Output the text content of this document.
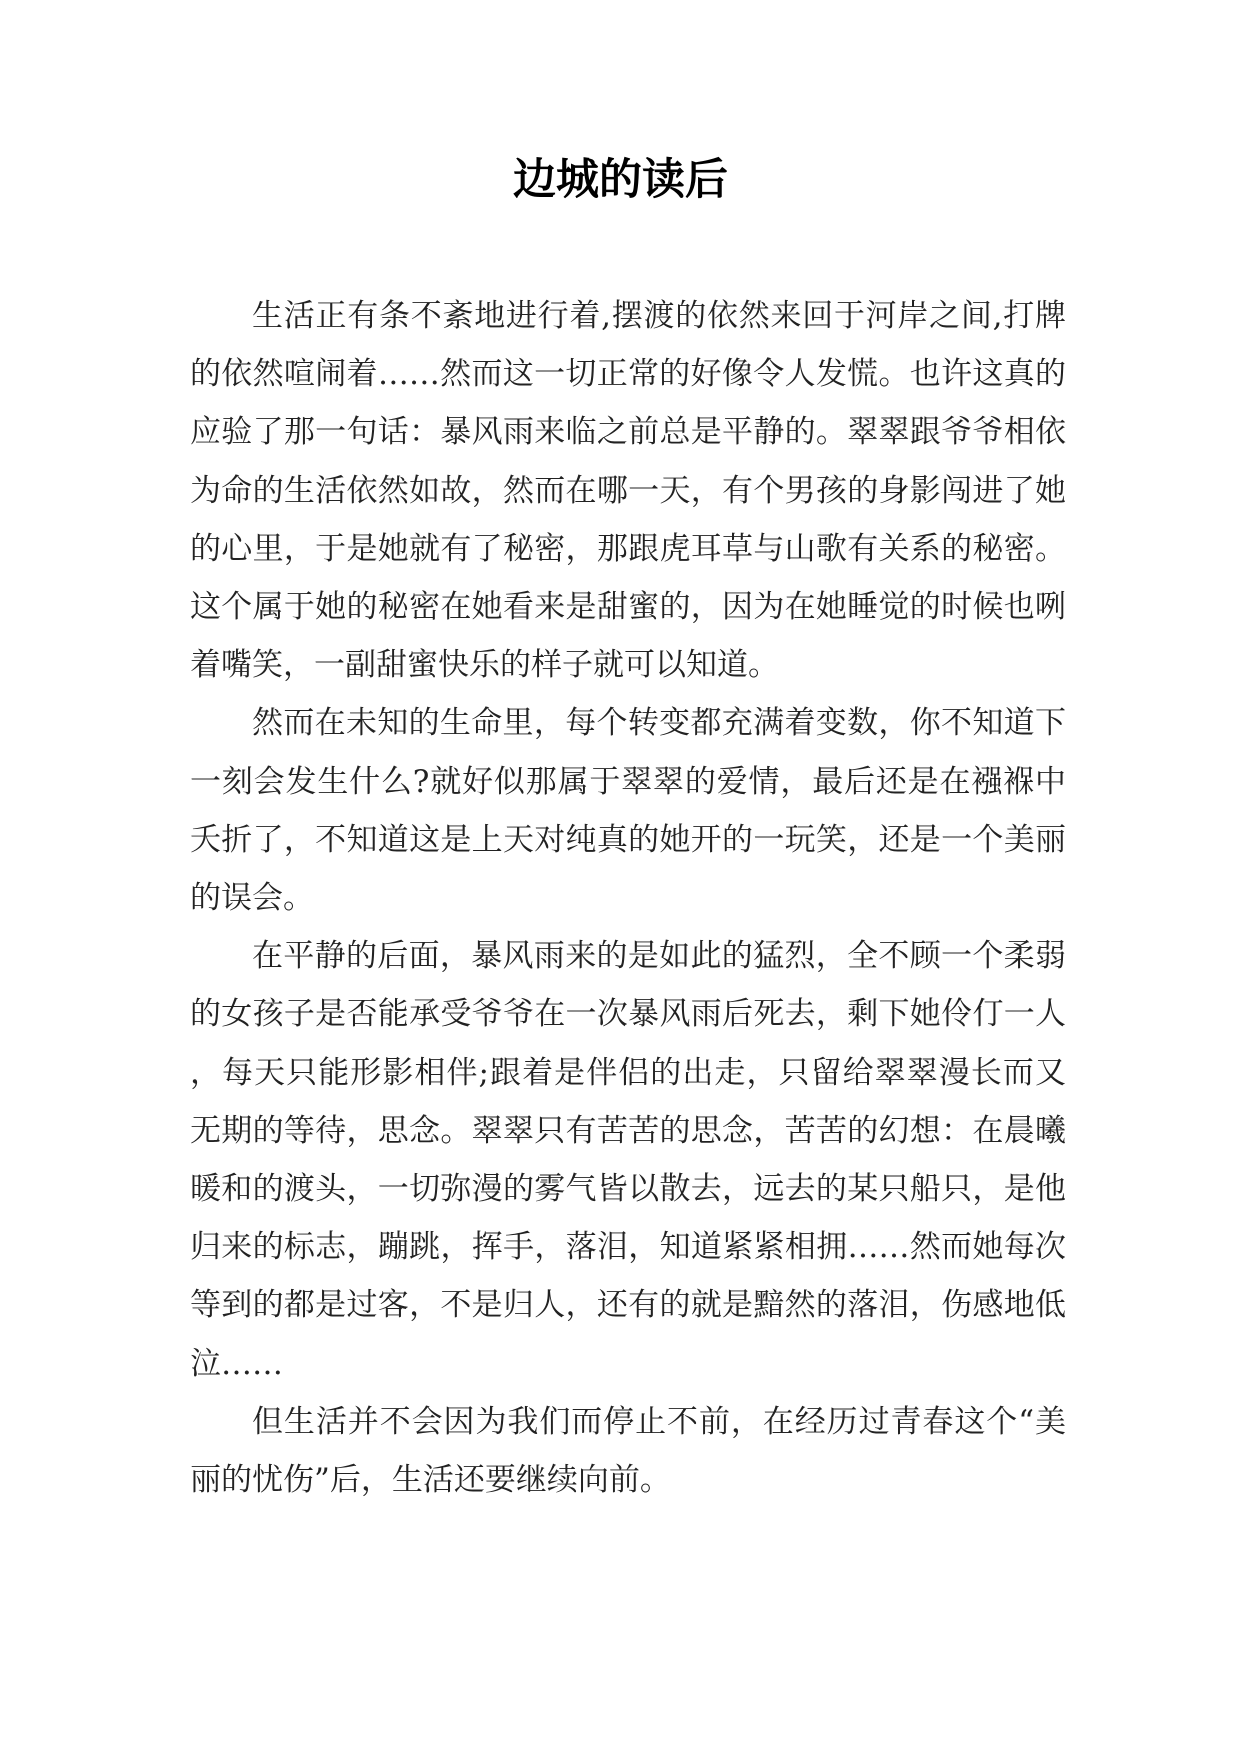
边城的读后

生活正有条不紊地进行着,摆渡的依然来回于河岸之间,打牌的依然喧闹着……然而这一切正常的好像令人发慌。也许这真的应验了那一句话：暴风雨来临之前总是平静的。翠翠跟爷爷相依为命的生活依然如故，然而在哪一天，有个男孩的身影闯进了她的心里，于是她就有了秘密，那跟虎耳草与山歌有关系的秘密。这个属于她的秘密在她看来是甜蜜的，因为在她睡觉的时候也咧着嘴笑，一副甜蜜快乐的样子就可以知道。

然而在未知的生命里，每个转变都充满着变数，你不知道下一刻会发生什么?就好似那属于翠翠的爱情，最后还是在襁褓中夭折了，不知道这是上天对纯真的她开的一玩笑，还是一个美丽的误会。

在平静的后面，暴风雨来的是如此的猛烈，全不顾一个柔弱的女孩子是否能承受爷爷在一次暴风雨后死去，剩下她伶仃一人，每天只能形影相伴;跟着是伴侣的出走，只留给翠翠漫长而又无期的等待，思念。翠翠只有苦苦的思念，苦苦的幻想：在晨曦暖和的渡头，一切弥漫的雾气皆以散去，远去的某只船只，是他归来的标志，蹦跳，挥手，落泪，知道紧紧相拥……然而她每次等到的都是过客，不是归人，还有的就是黯然的落泪，伤感地低泣……

但生活并不会因为我们而停止不前，在经历过青春这个“美丽的忧伤”后，生活还要继续向前。
